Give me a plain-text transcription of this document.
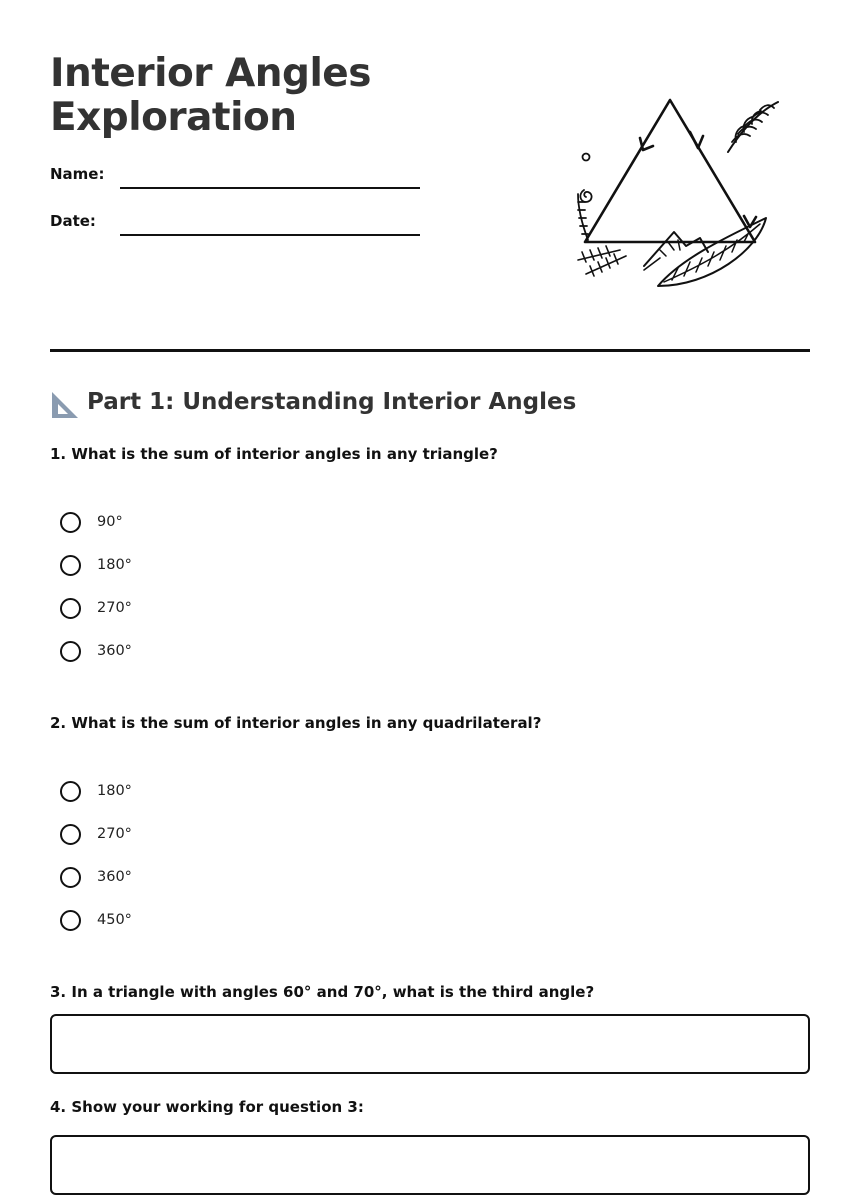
Interior Angles Exploration
Name:
Date:
Part 1: Understanding Interior Angles

1. What is the sum of interior angles in any triangle?

90°
180°
270°
360°

2. What is the sum of interior angles in any quadrilateral?

180°
270°
360°
450°

3. In a triangle with angles 60° and 70°, what is the third angle?

4. Show your working for question 3:
